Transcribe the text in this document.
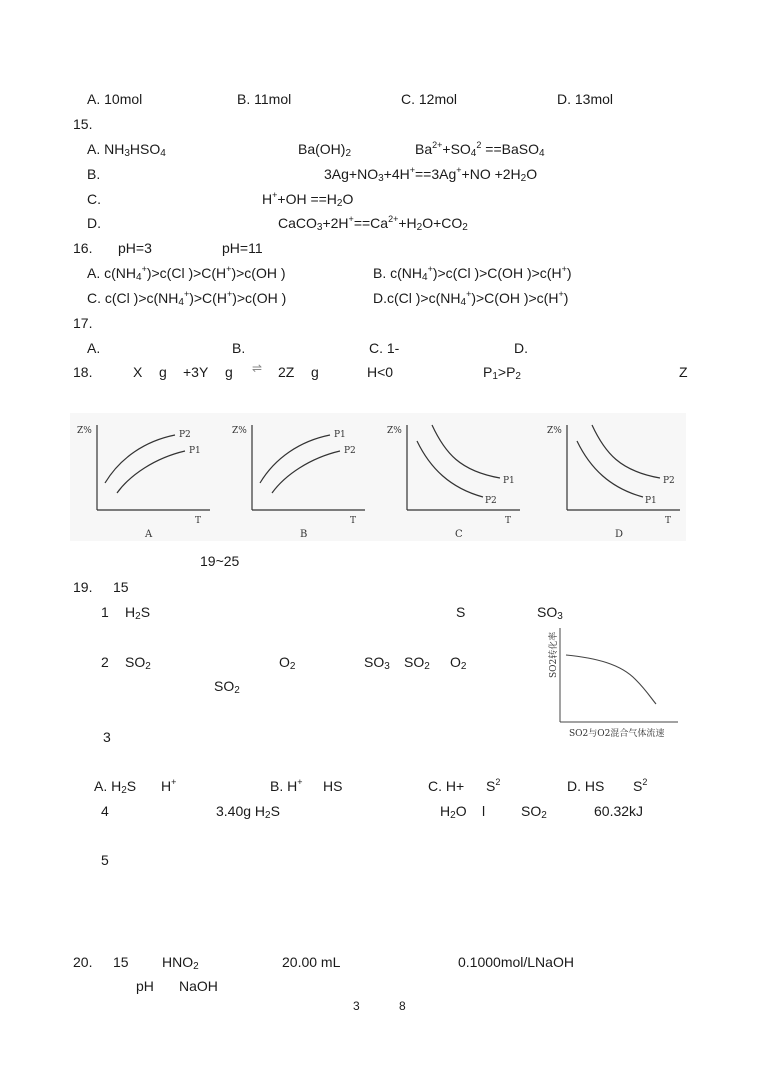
A. 10mol	B. 11mol	C. 12mol	D. 13mol
15.
A. $NH_3HSO_4$	$Ba(OH)_2$	$Ba^{2+}+SO_4^2$ ==BaSO$_4$
B.	$3Ag+NO_3+4H^+==3Ag^++NO +2H_2O$
C.	$H^++OH ==H_2O$
D.	$CaCO_3+2H^+==Ca^{2+}+H_2O+CO_2$
16. pH=3	pH=11
A. $c(NH_4^+)>c(Cl$ )>C(H+)>c(OH )	B. $c(NH_4^+)>c(Cl$ )>C(OH )>c(H+)
C. c(Cl )$>c(NH_4^+)>C(H^+)>c(OH$ )	D.c(Cl )$>c(NH_4^+)>C(OH$ )>c(H+)
17.
A.	B.	C. 1-	D.
18.	X g +3Y g ⇌ 2Z g	H<0	$P_1>P_2$	Z
Z%
T
P2
P1
A
Z%
T
P1
P2
B
Z%
T
P1
P2
C
Z%
T
P2
P1
D
19~25
19. 15
1 $H_2S$	S	$SO_3$
2 $SO_2$	$O_2$	$SO_3$ $SO_2$ $O_2$
$SO_2$
SO2转化率
SO2与O2混合气体流速
3
A. $H_2S$ H+	B. H+ HS	C. $H+ S^2$	D. HS $S^2$
4	3.40g $H_2S$	$H_2O$ l	$SO_2$	60.32kJ
5
20. 15 $HNO_2$	20.00 mL	0.1000mol/LNaOH
pH NaOH
3	8
